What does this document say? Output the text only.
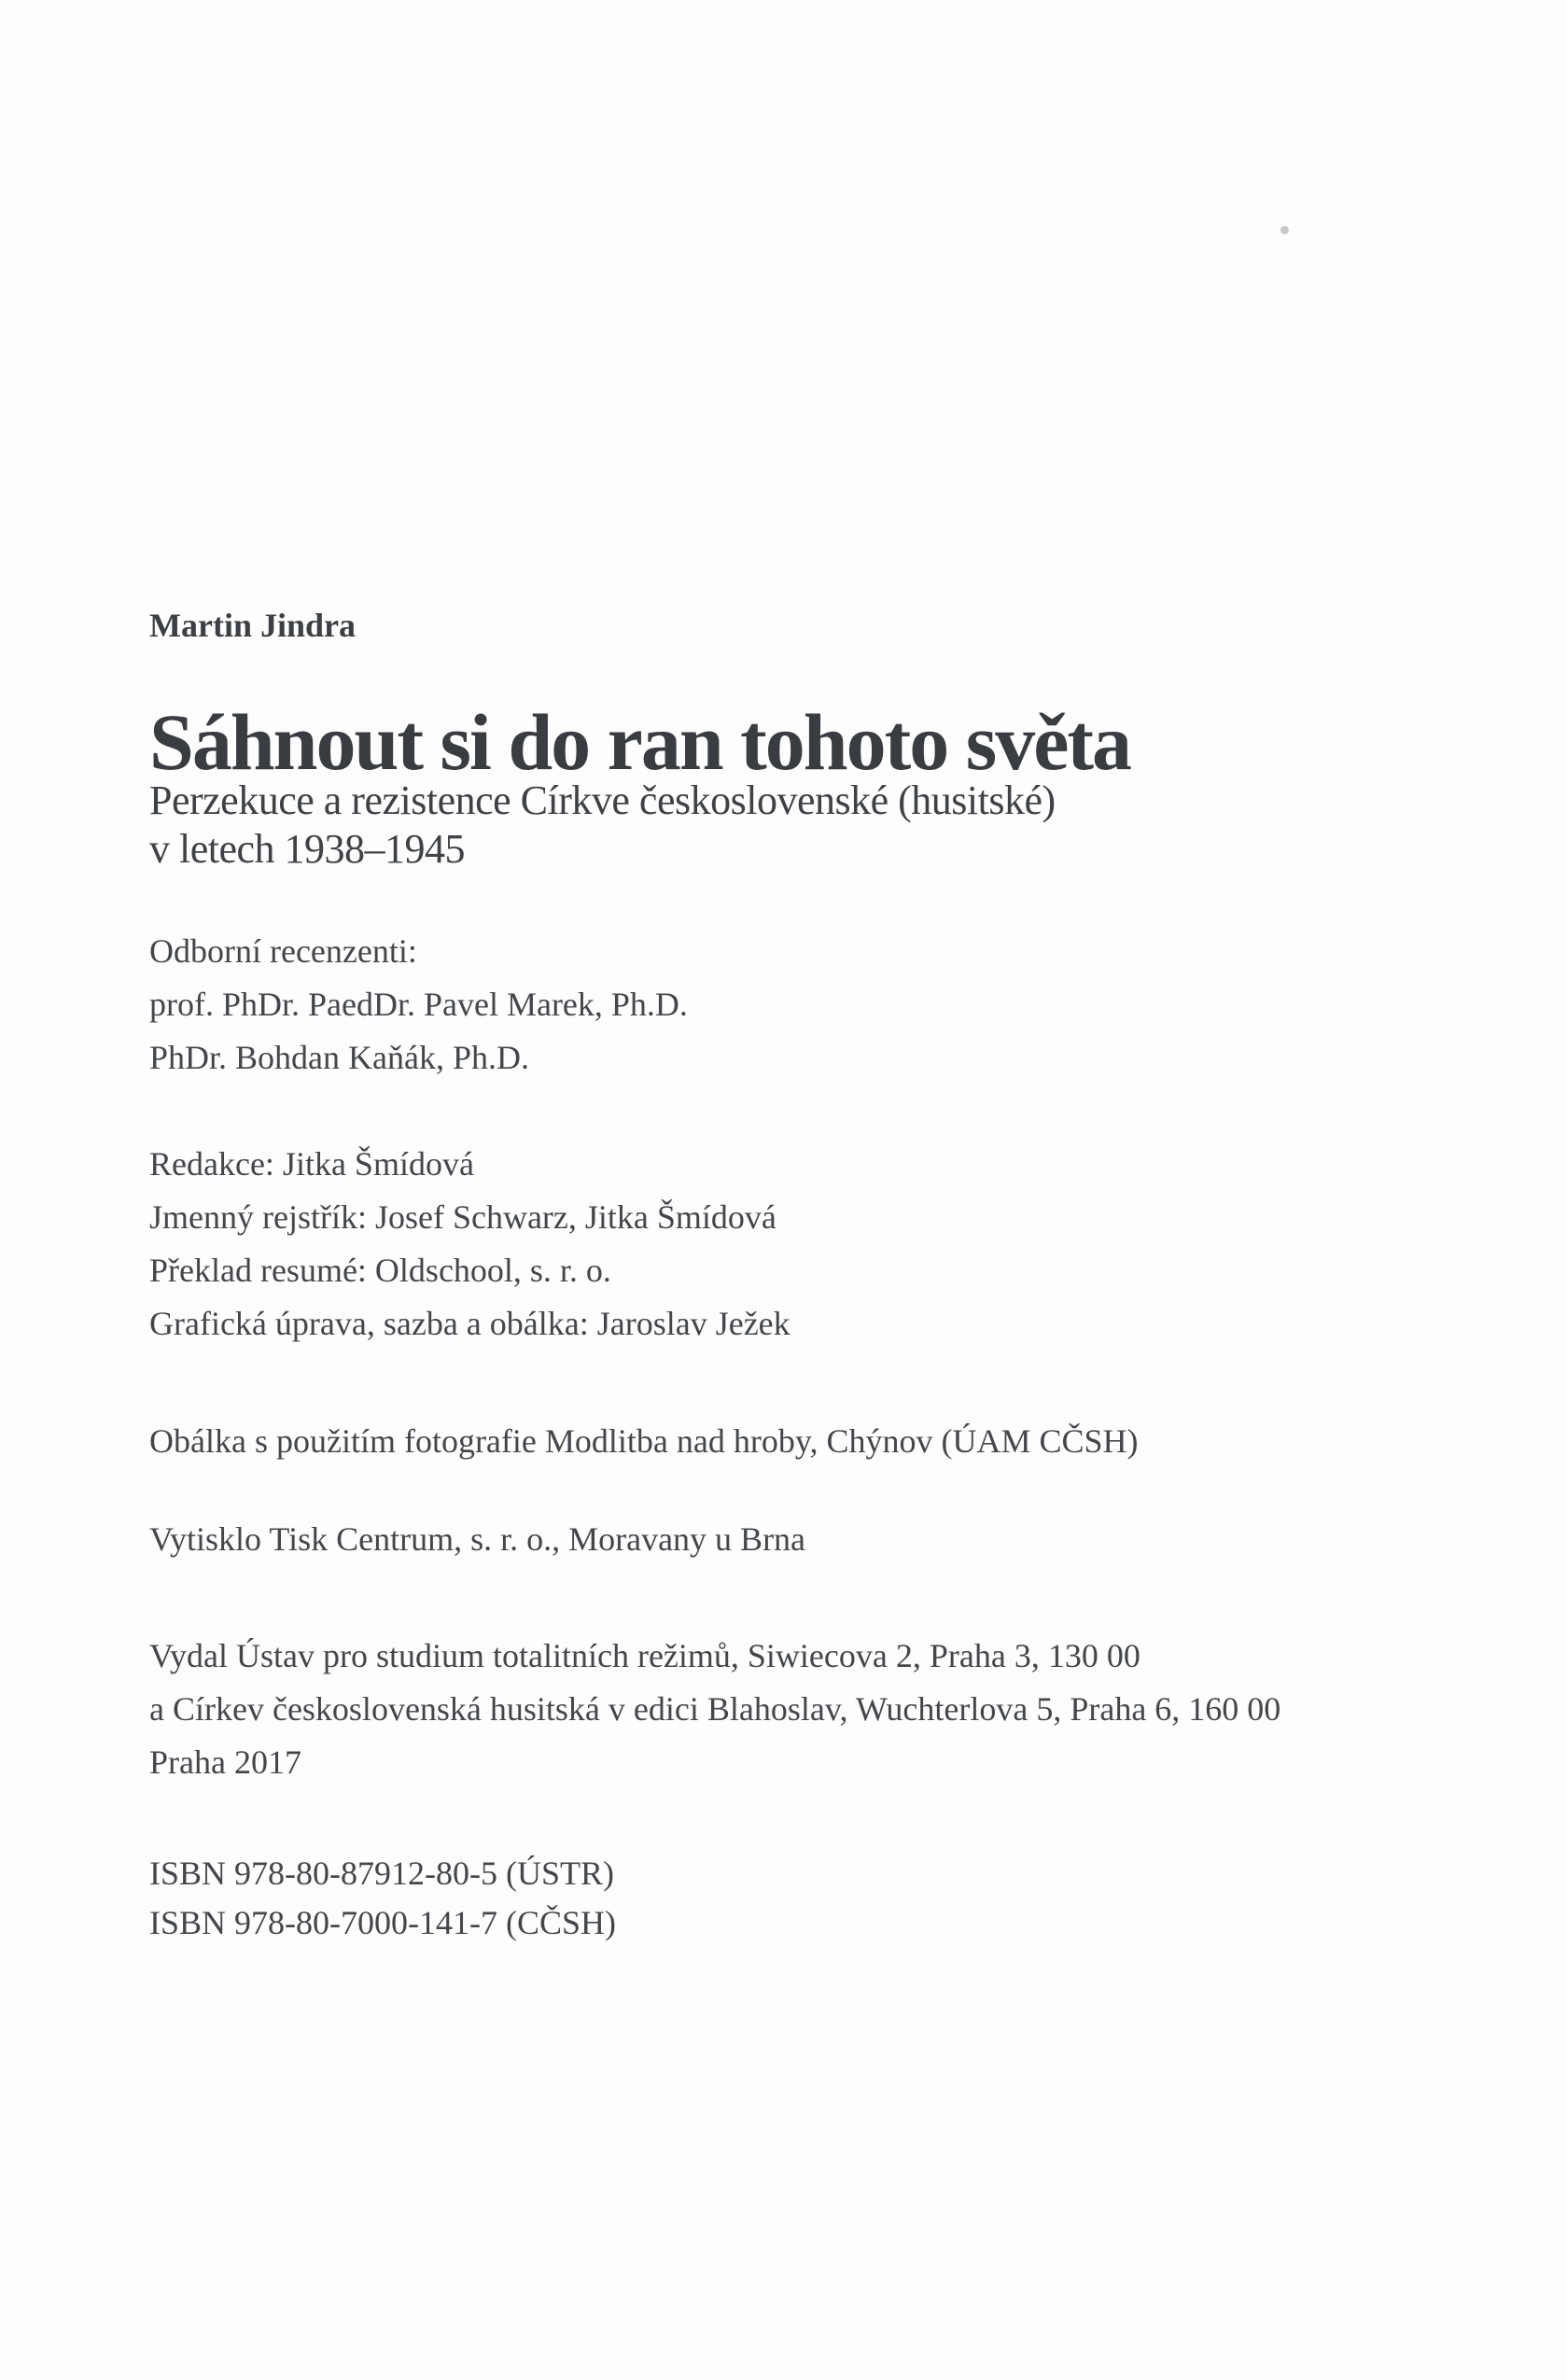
Martin Jindra
Sáhnout si do ran tohoto světa
Perzekuce a rezistence Církve československé (husitské)
v letech 1938–1945
Odborní recenzenti:
prof. PhDr. PaedDr. Pavel Marek, Ph.D.
PhDr. Bohdan Kaňák, Ph.D.
Redakce: Jitka Šmídová
Jmenný rejstřík: Josef Schwarz, Jitka Šmídová
Překlad resumé: Oldschool, s. r. o.
Grafická úprava, sazba a obálka: Jaroslav Ježek
Obálka s použitím fotografie Modlitba nad hroby, Chýnov (ÚAM CČSH)
Vytisklo Tisk Centrum, s. r. o., Moravany u Brna
Vydal Ústav pro studium totalitních režimů, Siwiecova 2, Praha 3, 130 00
a Církev československá husitská v edici Blahoslav, Wuchterlova 5, Praha 6, 160 00
Praha 2017
ISBN 978-80-87912-80-5 (ÚSTR)
ISBN 978-80-7000-141-7 (CČSH)
